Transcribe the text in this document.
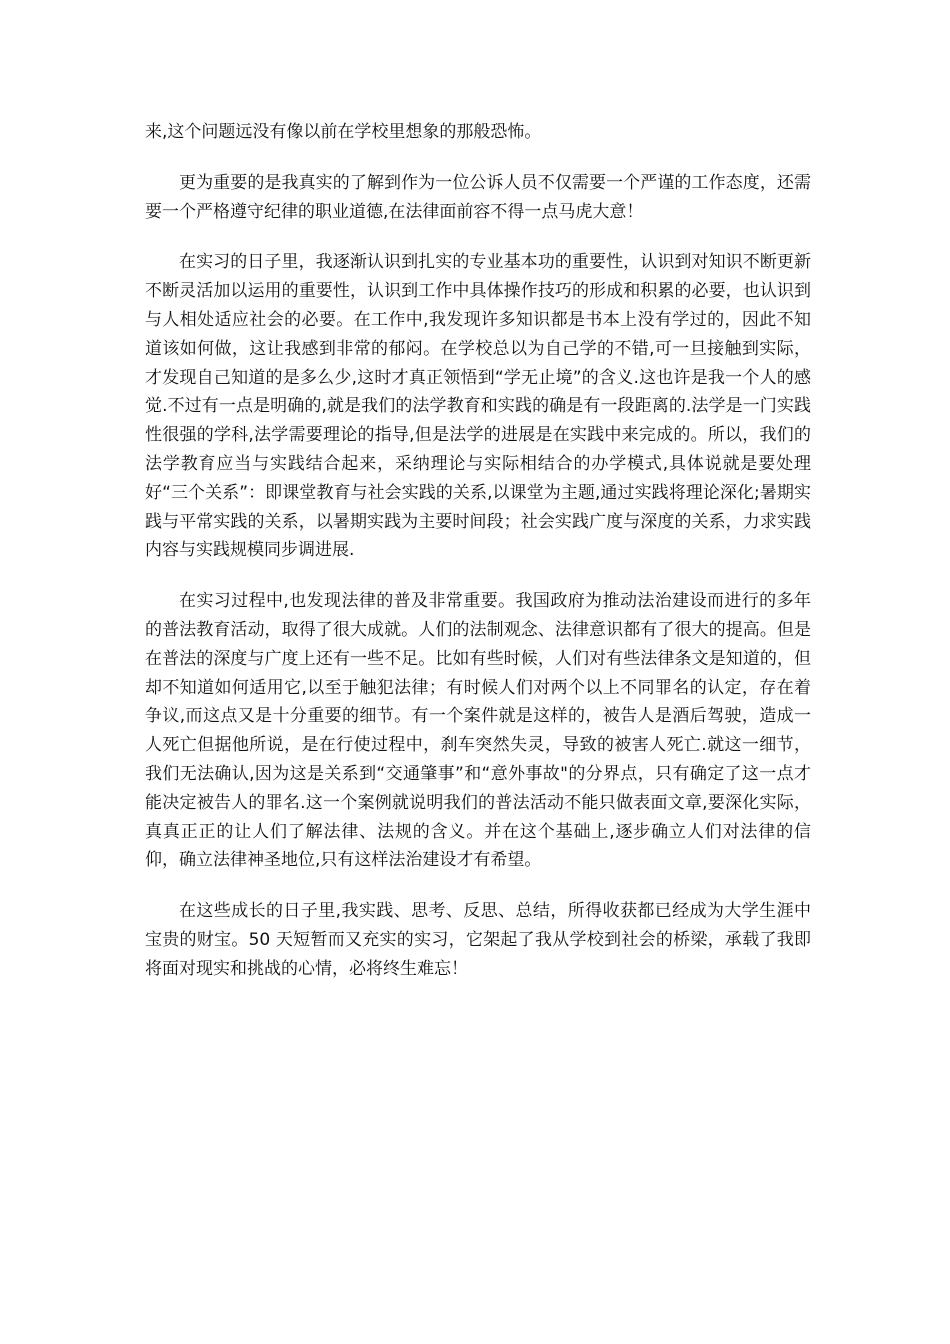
来,这个问题远没有像以前在学校里想象的那般恐怖。

更为重要的是我真实的了解到作为一位公诉人员不仅需要一个严谨的工作态度，还需要一个严格遵守纪律的职业道德,在法律面前容不得一点马虎大意！

在实习的日子里，我逐渐认识到扎实的专业基本功的重要性，认识到对知识不断更新不断灵活加以运用的重要性，认识到工作中具体操作技巧的形成和积累的必要，也认识到与人相处适应社会的必要。在工作中,我发现许多知识都是书本上没有学过的，因此不知道该如何做，这让我感到非常的郁闷。在学校总以为自己学的不错,可一旦接触到实际，才发现自己知道的是多么少,这时才真正领悟到“学无止境”的含义.这也许是我一个人的感觉.不过有一点是明确的,就是我们的法学教育和实践的确是有一段距离的.法学是一门实践性很强的学科,法学需要理论的指导,但是法学的进展是在实践中来完成的。所以，我们的法学教育应当与实践结合起来，采纳理论与实际相结合的办学模式,具体说就是要处理好“三个关系”：即课堂教育与社会实践的关系,以课堂为主题,通过实践将理论深化;暑期实践与平常实践的关系，以暑期实践为主要时间段；社会实践广度与深度的关系，力求实践内容与实践规模同步调进展.

在实习过程中,也发现法律的普及非常重要。我国政府为推动法治建设而进行的多年的普法教育活动，取得了很大成就。人们的法制观念、法律意识都有了很大的提高。但是在普法的深度与广度上还有一些不足。比如有些时候，人们对有些法律条文是知道的，但却不知道如何适用它,以至于触犯法律；有时候人们对两个以上不同罪名的认定，存在着争议,而这点又是十分重要的细节。有一个案件就是这样的，被告人是酒后驾驶，造成一人死亡但据他所说，是在行使过程中，刹车突然失灵，导致的被害人死亡.就这一细节，我们无法确认,因为这是关系到“交通肇事”和“意外事故"的分界点，只有确定了这一点才能决定被告人的罪名.这一个案例就说明我们的普法活动不能只做表面文章,要深化实际，真真正正的让人们了解法律、法规的含义。并在这个基础上,逐步确立人们对法律的信仰，确立法律神圣地位,只有这样法治建设才有希望。

在这些成长的日子里,我实践、思考、反思、总结，所得收获都已经成为大学生涯中宝贵的财宝。50 天短暂而又充实的实习，它架起了我从学校到社会的桥梁，承载了我即将面对现实和挑战的心情，必将终生难忘！
